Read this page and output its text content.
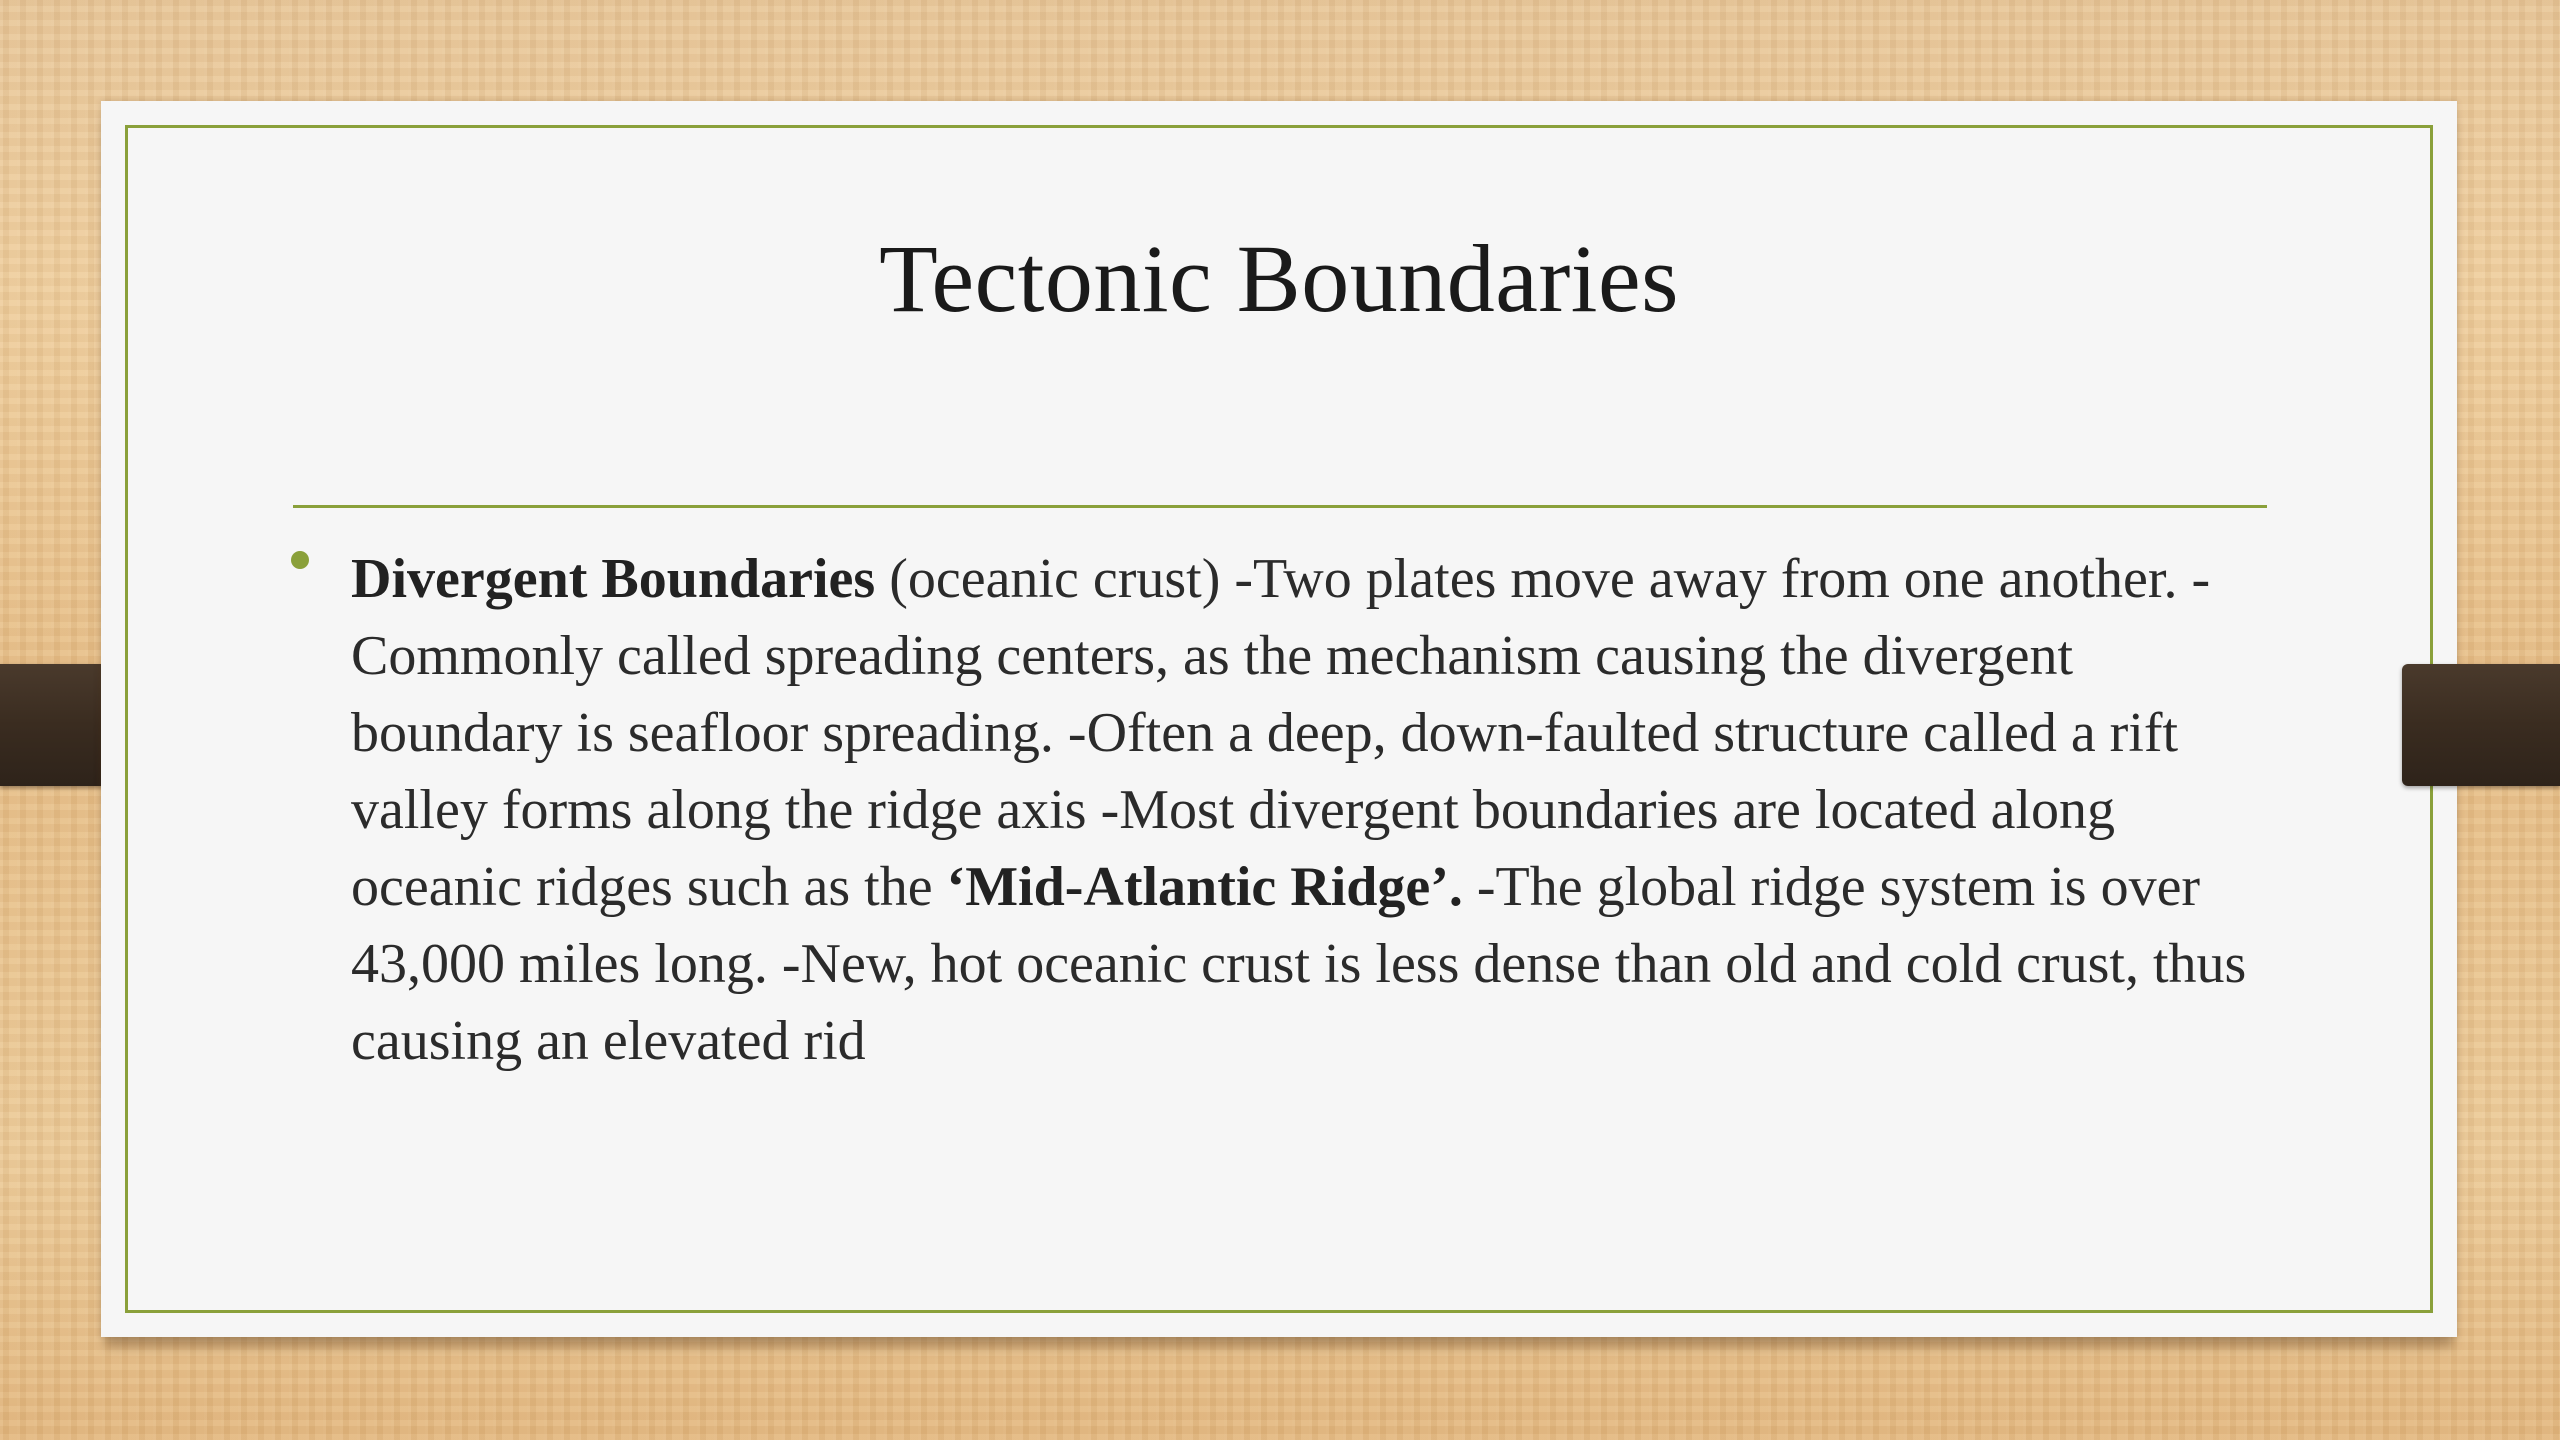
Tectonic Boundaries
Divergent Boundaries (oceanic crust) -Two plates move away from one another. -Commonly called spreading centers, as the mechanism causing the divergent boundary is seafloor spreading. -Often a deep, down-faulted structure called a rift valley forms along the ridge axis -Most divergent boundaries are located along oceanic ridges such as the ‘Mid-Atlantic Ridge’. -The global ridge system is over 43,000 miles long. -New, hot oceanic crust is less dense than old and cold crust, thus causing an elevated rid
